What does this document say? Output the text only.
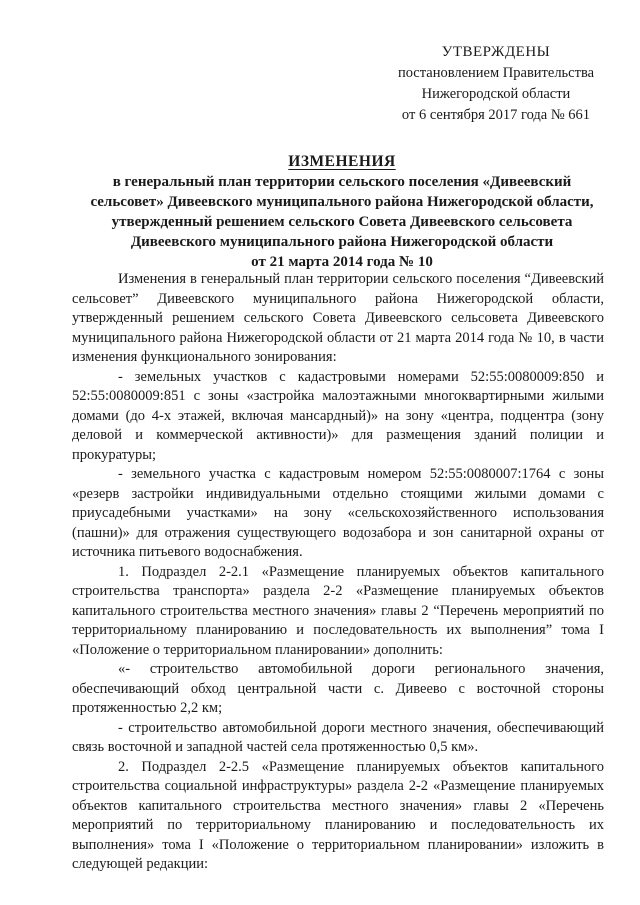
УТВЕРЖДЕНЫ
постановлением Правительства
Нижегородской области
от 6 сентября 2017 года № 661
ИЗМЕНЕНИЯ
в генеральный план территории сельского поселения «Дивеевский
сельсовет» Дивеевского муниципального района Нижегородской области,
утвержденный решением сельского Совета Дивеевского сельсовета
Дивеевского муниципального района Нижегородской области
от 21 марта 2014 года № 10

Изменения в генеральный план территории сельского поселения “Дивеевский сельсовет” Дивеевского муниципального района Нижегородской области, утвержденный решением сельского Совета Дивеевского сельсовета Дивеевского муниципального района Нижегородской области от 21 марта 2014 года № 10, в части изменения функционального зонирования:

- земельных участков с кадастровыми номерами 52:55:0080009:850 и 52:55:0080009:851 с зоны «застройка малоэтажными многоквартирными жилыми домами (до 4-х этажей, включая мансардный)» на зону «центра, подцентра (зону деловой и коммерческой активности)» для размещения зданий полиции и прокуратуры;

- земельного участка с кадастровым номером 52:55:0080007:1764 с зоны «резерв застройки индивидуальными отдельно стоящими жилыми домами с приусадебными участками» на зону «сельскохозяйственного использования (пашни)» для отражения существующего водозабора и зон санитарной охраны от источника питьевого водоснабжения.

1. Подраздел 2-2.1 «Размещение планируемых объектов капитального строительства транспорта» раздела 2-2 «Размещение планируемых объектов капитального строительства местного значения» главы 2 “Перечень мероприятий по территориальному планированию и последовательность их выполнения” тома I «Положение о территориальном планировании» дополнить:

«- строительство автомобильной дороги регионального значения, обеспечивающий обход центральной части с. Дивеево с восточной стороны протяженностью 2,2 км;

- строительство автомобильной дороги местного значения, обеспечивающий связь восточной и западной частей села протяженностью 0,5 км».

2. Подраздел 2-2.5 «Размещение планируемых объектов капитального строительства социальной инфраструктуры» раздела 2-2 «Размещение планируемых объектов капитального строительства местного значения» главы 2 «Перечень мероприятий по территориальному планированию и последовательность их выполнения» тома I «Положение о территориальном планировании» изложить в следующей редакции:
